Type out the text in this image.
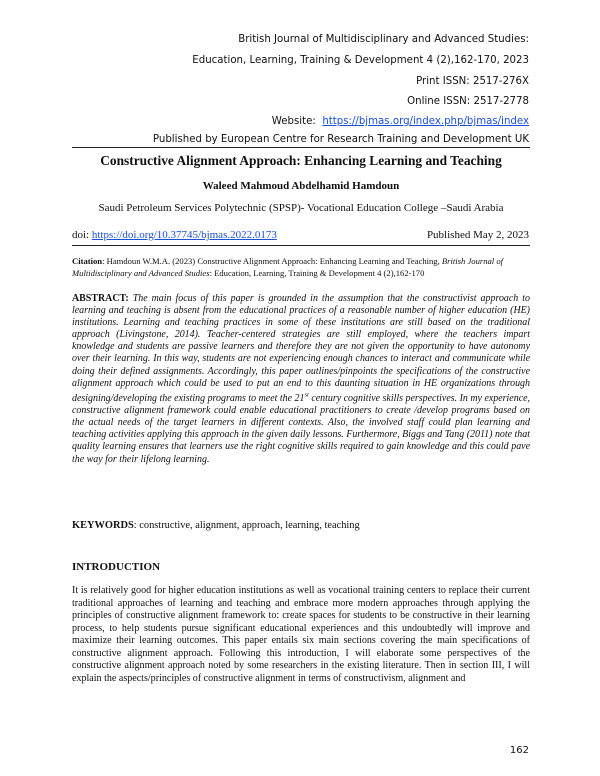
British Journal of Multidisciplinary and Advanced Studies:
Education, Learning, Training & Development 4 (2),162-170, 2023
Print ISSN: 2517-276X
Online ISSN: 2517-2778
Website: https://bjmas.org/index.php/bjmas/index
Published by European Centre for Research Training and Development UK
Constructive Alignment Approach: Enhancing Learning and Teaching
Waleed Mahmoud Abdelhamid Hamdoun
Saudi Petroleum Services Polytechnic (SPSP)- Vocational Education College –Saudi Arabia
doi: https://doi.org/10.37745/bjmas.2022.0173	Published May 2, 2023
Citation: Hamdoun W.M.A. (2023) Constructive Alignment Approach: Enhancing Learning and Teaching, British Journal of Multidisciplinary and Advanced Studies: Education, Learning, Training & Development 4 (2),162-170
ABSTRACT: The main focus of this paper is grounded in the assumption that the constructivist approach to learning and teaching is absent from the educational practices of a reasonable number of higher education (HE) institutions. Learning and teaching practices in some of these institutions are still based on the traditional approach (Livingstone, 2014). Teacher-centered strategies are still employed, where the teachers impart knowledge and students are passive learners and therefore they are not given the opportunity to have autonomy over their learning. In this way, students are not experiencing enough chances to interact and communicate while doing their defined assignments. Accordingly, this paper outlines/pinpoints the specifications of the constructive alignment approach which could be used to put an end to this daunting situation in HE organizations through designing/developing the existing programs to meet the 21st century cognitive skills perspectives. In my experience, constructive alignment framework could enable educational practitioners to create /develop programs based on the actual needs of the target learners in different contexts. Also, the involved staff could plan learning and teaching activities applying this approach in the given daily lessons. Furthermore, Biggs and Tang (2011) note that quality learning ensures that learners use the right cognitive skills required to gain knowledge and this could pave the way for their lifelong learning.
KEYWORDS: constructive, alignment, approach, learning, teaching
INTRODUCTION
It is relatively good for higher education institutions as well as vocational training centers to replace their current traditional approaches of learning and teaching and embrace more modern approaches through applying the principles of constructive alignment framework to: create spaces for students to be constructive in their learning process, to help students pursue significant educational experiences and this undoubtedly will improve and maximize their learning outcomes. This paper entails six main sections covering the main specifications of constructive alignment approach. Following this introduction, I will elaborate some perspectives of the constructive alignment approach noted by some researchers in the existing literature. Then in section III, I will explain the aspects/principles of constructive alignment in terms of constructivism, alignment and
162
